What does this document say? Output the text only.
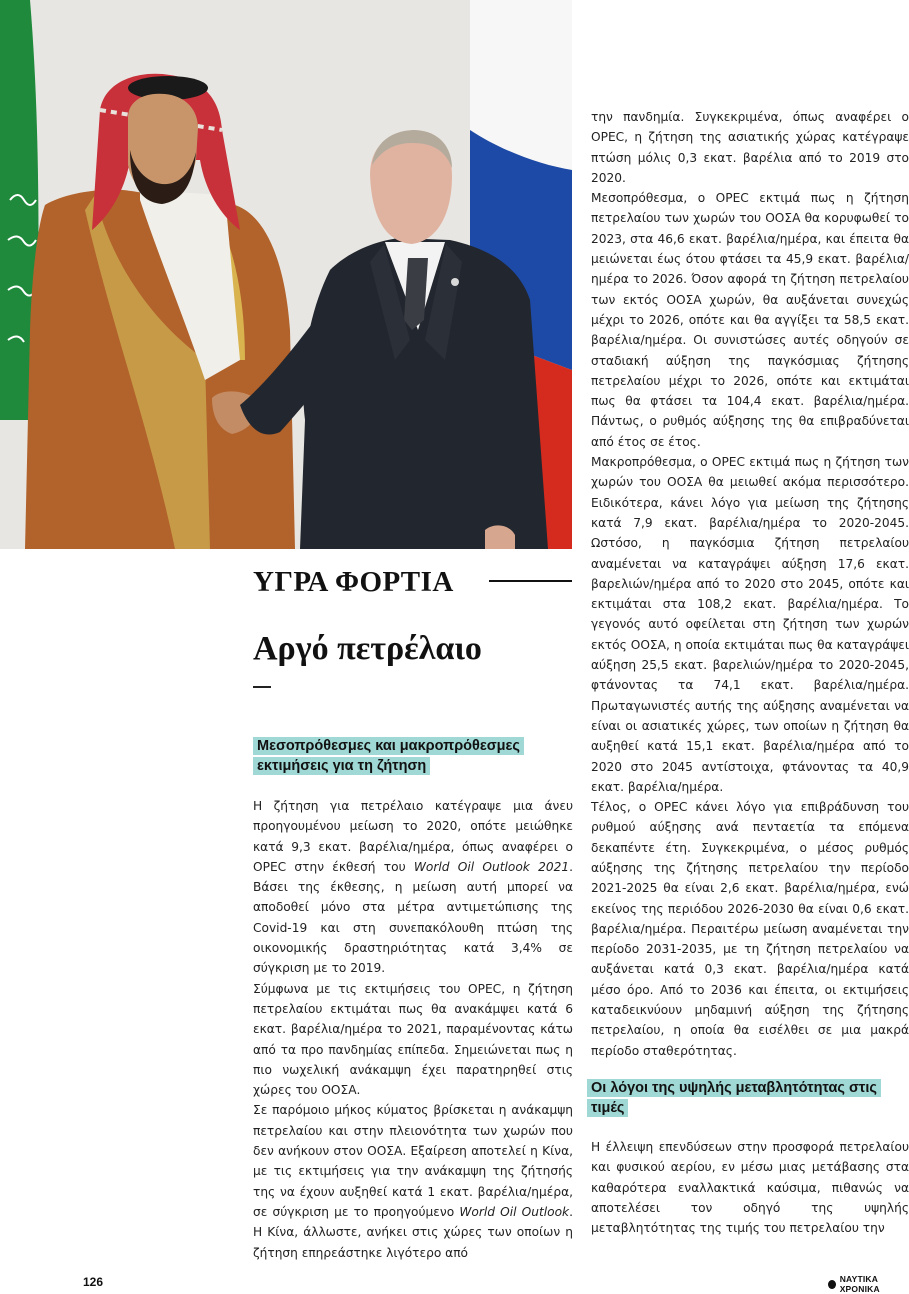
ΥΓΡΑ ΦΟΡΤΙΑ
Αργό πετρέλαιο
Μεσοπρόθεσμες και μακροπρόθεσμες εκτιμήσεις για τη ζήτηση

Η ζήτηση για πετρέλαιο κατέγραψε μια άνευ προηγουμένου μείωση το 2020, οπότε μειώθηκε κατά 9,3 εκατ. βαρέλια/ημέρα, όπως αναφέρει ο OPEC στην έκθεσή του World Oil Outlook 2021. Βάσει της έκθεσης, η μείωση αυτή μπορεί να αποδοθεί μόνο στα μέτρα αντιμετώπισης της Covid-19 και στη συνεπακόλουθη πτώση της οικονομικής δραστηριότητας κατά 3,4% σε σύγκριση με το 2019.

Σύμφωνα με τις εκτιμήσεις του OPEC, η ζήτηση πετρελαίου εκτιμάται πως θα ανακάμψει κατά 6 εκατ. βαρέλια/ημέρα το 2021, παραμένοντας κάτω από τα προ πανδημίας επίπεδα. Σημειώνεται πως η πιο νωχελική ανάκαμψη έχει παρατηρηθεί στις χώρες του ΟΟΣΑ.

Σε παρόμοιο μήκος κύματος βρίσκεται η ανάκαμψη πετρελαίου και στην πλειονότητα των χωρών που δεν ανήκουν στον ΟΟΣΑ. Εξαίρεση αποτελεί η Κίνα, με τις εκτιμήσεις για την ανάκαμψη της ζήτησής της να έχουν αυξηθεί κατά 1 εκατ. βαρέλια/ημέρα, σε σύγκριση με το προηγούμενο World Oil Outlook. Η Κίνα, άλλωστε, ανήκει στις χώρες των οποίων η ζήτηση επηρεάστηκε λιγότερο από

την πανδημία. Συγκεκριμένα, όπως αναφέρει ο OPEC, η ζήτηση της ασιατικής χώρας κατέγραψε πτώση μόλις 0,3 εκατ. βαρέλια από το 2019 στο 2020.

Μεσοπρόθεσμα, ο OPEC εκτιμά πως η ζήτηση πετρελαίου των χωρών του ΟΟΣΑ θα κορυφωθεί το 2023, στα 46,6 εκατ. βαρέλια/ημέρα, και έπειτα θα μειώνεται έως ότου φτάσει τα 45,9 εκατ. βαρέλια/ημέρα το 2026. Όσον αφορά τη ζήτηση πετρελαίου των εκτός ΟΟΣΑ χωρών, θα αυξάνεται συνεχώς μέχρι το 2026, οπότε και θα αγγίξει τα 58,5 εκατ. βαρέλια/ημέρα. Οι συνιστώσες αυτές οδηγούν σε σταδιακή αύξηση της παγκόσμιας ζήτησης πετρελαίου μέχρι το 2026, οπότε και εκτιμάται πως θα φτάσει τα 104,4 εκατ. βαρέλια/ημέρα. Πάντως, ο ρυθμός αύξησης της θα επιβραδύνεται από έτος σε έτος.

Μακροπρόθεσμα, ο OPEC εκτιμά πως η ζήτηση των χωρών του ΟΟΣΑ θα μειωθεί ακόμα περισσότερο. Ειδικότερα, κάνει λόγο για μείωση της ζήτησης κατά 7,9 εκατ. βαρέλια/ημέρα το 2020-2045. Ωστόσο, η παγκόσμια ζήτηση πετρελαίου αναμένεται να καταγράψει αύξηση 17,6 εκατ. βαρελιών/ημέρα από το 2020 στο 2045, οπότε και εκτιμάται στα 108,2 εκατ. βαρέλια/ημέρα. Το γεγονός αυτό οφείλεται στη ζήτηση των χωρών εκτός ΟΟΣΑ, η οποία εκτιμάται πως θα καταγράψει αύξηση 25,5 εκατ. βαρελιών/ημέρα το 2020-2045, φτάνοντας τα 74,1 εκατ. βαρέλια/ημέρα. Πρωταγωνιστές αυτής της αύξησης αναμένεται να είναι οι ασιατικές χώρες, των οποίων η ζήτηση θα αυξηθεί κατά 15,1 εκατ. βαρέλια/ημέρα από το 2020 στο 2045 αντίστοιχα, φτάνοντας τα 40,9 εκατ. βαρέλια/ημέρα.

Τέλος, ο OPEC κάνει λόγο για επιβράδυνση του ρυθμού αύξησης ανά πενταετία τα επόμενα δεκαπέντε έτη. Συγκεκριμένα, ο μέσος ρυθμός αύξησης της ζήτησης πετρελαίου την περίοδο 2021-2025 θα είναι 2,6 εκατ. βαρέλια/ημέρα, ενώ εκείνος της περιόδου 2026-2030 θα είναι 0,6 εκατ. βαρέλια/ημέρα. Περαιτέρω μείωση αναμένεται την περίοδο 2031-2035, με τη ζήτηση πετρελαίου να αυξάνεται κατά 0,3 εκατ. βαρέλια/ημέρα κατά μέσο όρο. Από το 2036 και έπειτα, οι εκτιμήσεις καταδεικνύουν μηδαμινή αύξηση της ζήτησης πετρελαίου, η οποία θα εισέλθει σε μια μακρά περίοδο σταθερότητας.

Οι λόγοι της υψηλής μεταβλητότητας στις τιμές

Η έλλειψη επενδύσεων στην προσφορά πετρελαίου και φυσικού αερίου, εν μέσω μιας μετάβασης στα καθαρότερα εναλλακτικά καύσιμα, πιθανώς να αποτελέσει τον οδηγό της υψηλής μεταβλητότητας της τιμής του πετρελαίου την

126	ΝΑΥΤΙΚΑ ΧΡΟΝΙΚΑ
